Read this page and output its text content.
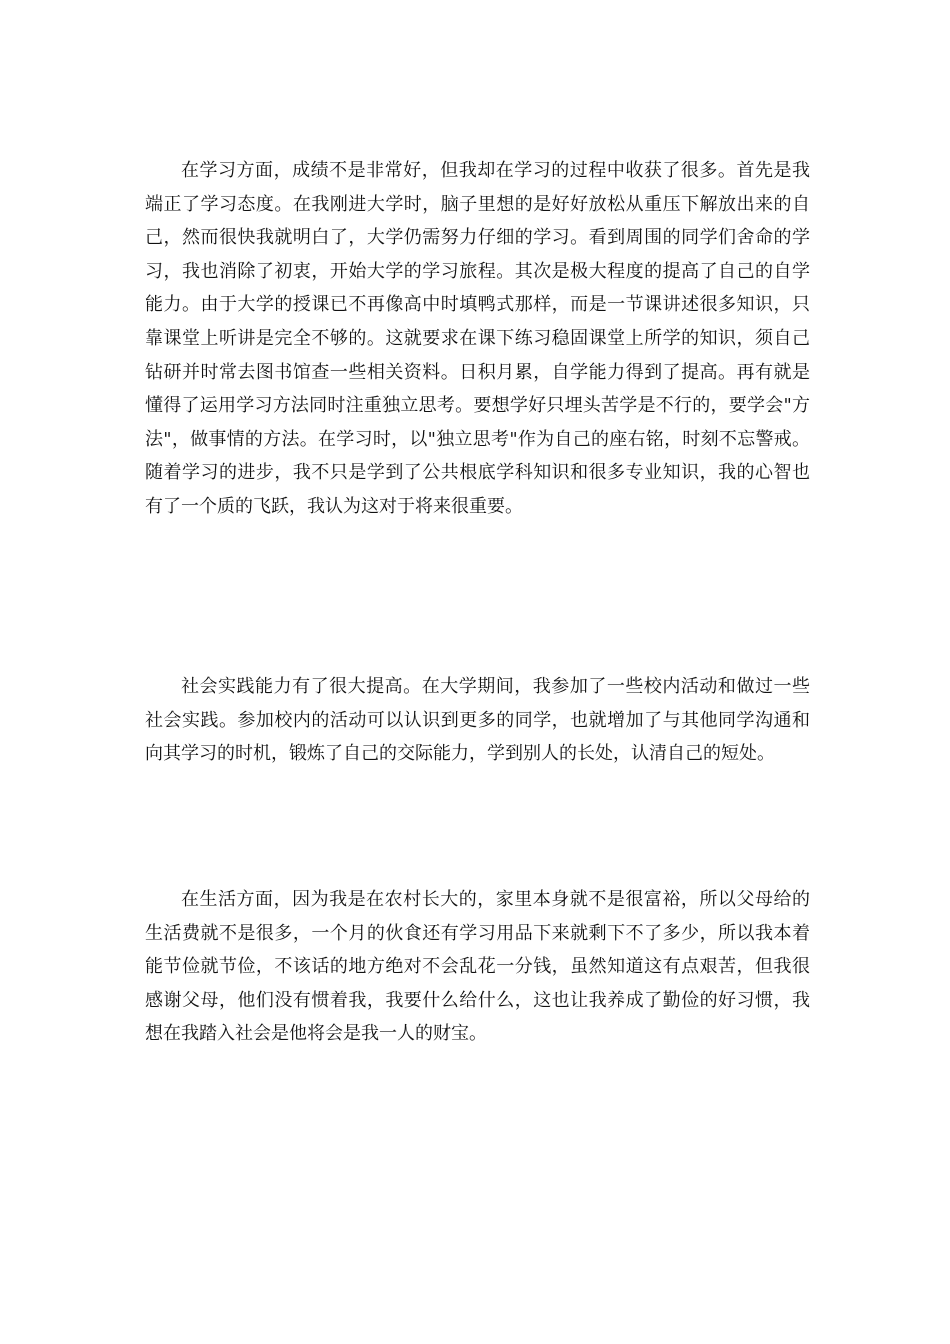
在学习方面，成绩不是非常好，但我却在学习的过程中收获了很多。首先是我端正了学习态度。在我刚进大学时，脑子里想的是好好放松从重压下解放出来的自己，然而很快我就明白了，大学仍需努力仔细的学习。看到周围的同学们舍命的学习，我也消除了初衷，开始大学的学习旅程。其次是极大程度的提高了自己的自学能力。由于大学的授课已不再像高中时填鸭式那样，而是一节课讲述很多知识，只靠课堂上听讲是完全不够的。这就要求在课下练习稳固课堂上所学的知识，须自己钻研并时常去图书馆查一些相关资料。日积月累，自学能力得到了提高。再有就是懂得了运用学习方法同时注重独立思考。要想学好只埋头苦学是不行的，要学会"方法"，做事情的方法。在学习时，以"独立思考"作为自己的座右铭，时刻不忘警戒。随着学习的进步，我不只是学到了公共根底学科知识和很多专业知识，我的心智也有了一个质的飞跃，我认为这对于将来很重要。

社会实践能力有了很大提高。在大学期间，我参加了一些校内活动和做过一些社会实践。参加校内的活动可以认识到更多的同学，也就增加了与其他同学沟通和向其学习的时机，锻炼了自己的交际能力，学到别人的长处，认清自己的短处。

在生活方面，因为我是在农村长大的，家里本身就不是很富裕，所以父母给的生活费就不是很多，一个月的伙食还有学习用品下来就剩下不了多少，所以我本着能节俭就节俭，不该话的地方绝对不会乱花一分钱，虽然知道这有点艰苦，但我很感谢父母，他们没有惯着我，我要什么给什么，这也让我养成了勤俭的好习惯，我想在我踏入社会是他将会是我一人的财宝。
